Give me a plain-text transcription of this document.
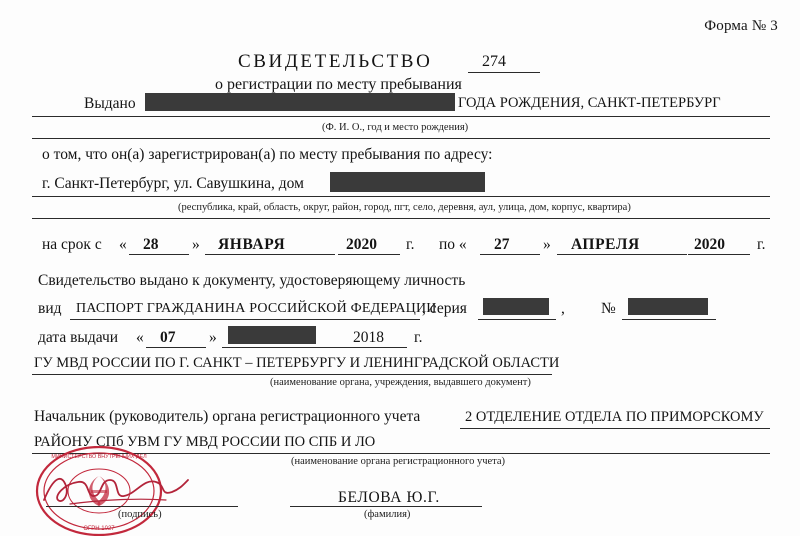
Форма № 3
СВИДЕТЕЛЬСТВО	274
о регистрации по месту пребывания
Выдано	ГОДА РОЖДЕНИЯ, САНКТ-ПЕТЕРБУРГ
(Ф. И. О., год и место рождения)
о том, что он(а) зарегистрирован(а) по месту пребывания по адресу:
г. Санкт-Петербург, ул. Савушкина, дом
(республика, край, область, округ, район, город, пгт, село, деревня, аул, улица, дом, корпус, квартира)
на срок с « 28 » ЯНВАРЯ	2020 г. по « 27 » АПРЕЛЯ	2020 г.
Свидетельство выдано к документу, удостоверяющему личность
вид ПАСПОРТ ГРАЖДАНИНА РОССИЙСКОЙ ФЕДЕРАЦИИ
, серия	, №
дата выдачи « 07 »	2018 г.
ГУ МВД РОССИИ ПО Г. САНКТ – ПЕТЕРБУРГУ И ЛЕНИНГРАДСКОЙ ОБЛАСТИ
(наименование органа, учреждения, выдавшего документ)
Начальник (руководитель) органа регистрационного учета	2 ОТДЕЛЕНИЕ ОТДЕЛА ПО ПРИМОРСКОМУ
РАЙОНУ СПб УВМ ГУ МВД РОССИИ ПО СПБ И ЛО
(наименование органа регистрационного учета)
МИНИСТЕРСТВО ВНУТРЕННИХ ДЕЛ
ОГРН 1027
(подпись)
БЕЛОВА Ю.Г.
(фамилия)
